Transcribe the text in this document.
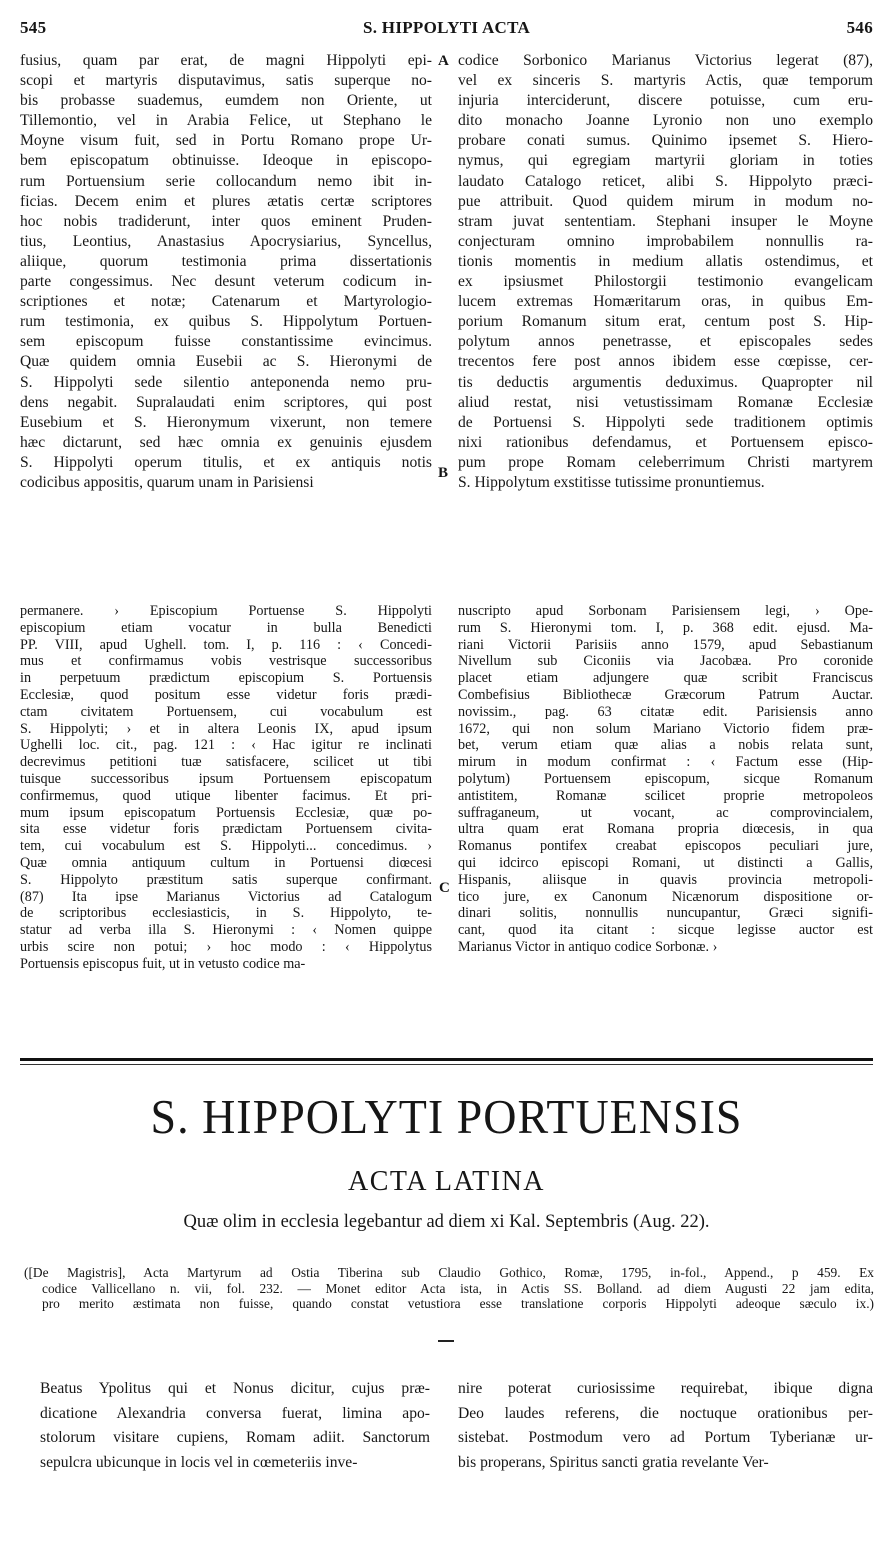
545	S. HIPPOLYTI ACTA	546
fusius, quam par erat, de magni Hippolyti epi-
scopi et martyris disputavimus, satis superque no-
bis probasse suademus, eumdem non Oriente, ut
Tillemontio, vel in Arabia Felice, ut Stephano le
Moyne visum fuit, sed in Portu Romano prope Ur-
bem episcopatum obtinuisse. Ideoque in episcopo-
rum Portuensium serie collocandum nemo ibit in-
ficias. Decem enim et plures ætatis certæ scriptores
hoc nobis tradiderunt, inter quos eminent Pruden-
tius, Leontius, Anastasius Apocrysiarius, Syncellus,
aliique, quorum testimonia prima dissertationis
parte congessimus. Nec desunt veterum codicum in-
scriptiones et notæ; Catenarum et Martyrologio-
rum testimonia, ex quibus S. Hippolytum Portuen-
sem episcopum fuisse constantissime evincimus.
Quæ quidem omnia Eusebii ac S. Hieronymi de
S. Hippolyti sede silentio anteponenda nemo pru-
dens negabit. Supralaudati enim scriptores, qui post
Eusebium et S. Hieronymum vixerunt, non temere
hæc dictarunt, sed hæc omnia ex genuinis ejusdem
S. Hippolyti operum titulis, et ex antiquis notis
codicibus appositis, quarum unam in Parisiensi
codice Sorbonico Marianus Victorius legerat (87),
vel ex sinceris S. martyris Actis, quæ temporum
injuria interciderunt, discere potuisse, cum eru-
dito monacho Joanne Lyronio non uno exemplo
probare conati sumus. Quinimo ipsemet S. Hiero-
nymus, qui egregiam martyrii gloriam in toties
laudato Catalogo reticet, alibi S. Hippolyto præci-
pue attribuit. Quod quidem mirum in modum no-
stram juvat sententiam. Stephani insuper le Moyne
conjecturam omnino improbabilem nonnullis ra-
tionis momentis in medium allatis ostendimus, et
ex ipsiusmet Philostorgii testimonio evangelicam
lucem extremas Homæritarum oras, in quibus Em-
porium Romanum situm erat, centum post S. Hip-
polytum annos penetrasse, et episcopales sedes
trecentos fere post annos ibidem esse cœpisse, cer-
tis deductis argumentis deduximus. Quapropter nil
aliud restat, nisi vetustissimam Romanæ Ecclesiæ
de Portuensi S. Hippolyti sede traditionem optimis
nixi rationibus defendamus, et Portuensem episco-
pum prope Romam celeberrimum Christi martyrem
S. Hippolytum exstitisse tutissime pronuntiemus.
A
B
C
permanere. › Episcopium Portuense S. Hippolyti
episcopium etiam vocatur in bulla Benedicti
PP. VIII, apud Ughell. tom. I, p. 116 : ‹ Concedi-
mus et confirmamus vobis vestrisque successoribus
in perpetuum prædictum episcopium S. Portuensis
Ecclesiæ, quod positum esse videtur foris prædi-
ctam civitatem Portuensem, cui vocabulum est
S. Hippolyti; › et in altera Leonis IX, apud ipsum
Ughelli loc. cit., pag. 121 : ‹ Hac igitur re inclinati
decrevimus petitioni tuæ satisfacere, scilicet ut tibi
tuisque successoribus ipsum Portuensem episcopatum
confirmemus, quod utique libenter facimus. Et pri-
mum ipsum episcopatum Portuensis Ecclesiæ, quæ po-
sita esse videtur foris prædictam Portuensem civita-
tem, cui vocabulum est S. Hippolyti... concedimus. ›
Quæ omnia antiquum cultum in Portuensi diœcesi
S. Hippolyto præstitum satis superque confirmant.
(87) Ita ipse Marianus Victorius ad Catalogum
de scriptoribus ecclesiasticis, in S. Hippolyto, te-
statur ad verba illa S. Hieronymi : ‹ Nomen quippe
urbis scire non potui; › hoc modo : ‹ Hippolytus
Portuensis episcopus fuit, ut in vetusto codice ma-
nuscripto apud Sorbonam Parisiensem legi, › Ope-
rum S. Hieronymi tom. I, p. 368 edit. ejusd. Ma-
riani Victorii Parisiis anno 1579, apud Sebastianum
Nivellum sub Ciconiis via Jacobæa. Pro coronide
placet etiam adjungere quæ scribit Franciscus
Combefisius Bibliothecæ Græcorum Patrum Auctar.
novissim., pag. 63 citatæ edit. Parisiensis anno
1672, qui non solum Mariano Victorio fidem præ-
bet, verum etiam quæ alias a nobis relata sunt,
mirum in modum confirmat : ‹ Factum esse (Hip-
polytum) Portuensem episcopum, sicque Romanum
antistitem, Romanæ scilicet proprie metropoleos
suffraganeum, ut vocant, ac comprovincialem,
ultra quam erat Romana propria diœcesis, in qua
Romanus pontifex creabat episcopos peculiari jure,
qui idcirco episcopi Romani, ut distincti a Gallis,
Hispanis, aliisque in quavis provincia metropoli-
tico jure, ex Canonum Nicænorum dispositione or-
dinari solitis, nonnullis nuncupantur, Græci signifi-
cant, quod ita citant : sicque legisse auctor est
Marianus Victor in antiquo codice Sorbonæ. ›
S. HIPPOLYTI PORTUENSIS
ACTA LATINA
Quæ olim in ecclesia legebantur ad diem xi Kal. Septembris (Aug. 22).
([De Magistris], Acta Martyrum ad Ostia Tiberina sub Claudio Gothico, Romæ, 1795, in-fol., Append., p 459. Ex
codice Vallicellano n. vii, fol. 232. — Monet editor Acta ista, in Actis SS. Bolland. ad diem Augusti 22 jam edita,
pro merito æstimata non fuisse, quando constat vetustiora esse translatione corporis Hippolyti adeoque sæculo ix.)
Beatus Ypolitus qui et Nonus dicitur, cujus præ-
dicatione Alexandria conversa fuerat, limina apo-
stolorum visitare cupiens, Romam adiit. Sanctorum
sepulcra ubicunque in locis vel in cœmeteriis inve-
nire poterat curiosissime requirebat, ibique digna
Deo laudes referens, die noctuque orationibus per-
sistebat. Postmodum vero ad Portum Tyberianæ ur-
bis properans, Spiritus sancti gratia revelante Ver-
